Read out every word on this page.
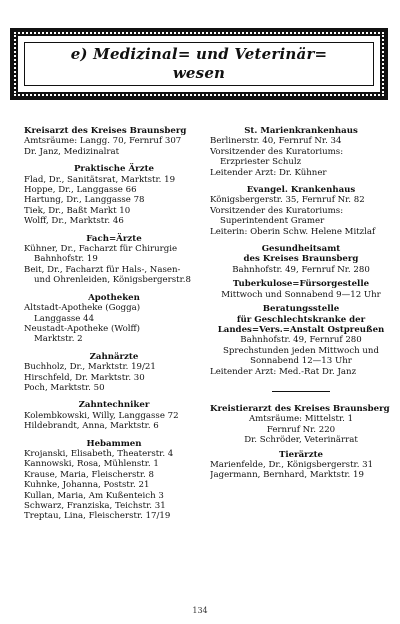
e) Medizinal= und Veterinär=
wesen
Kreisarzt des Kreises Braunsberg
Amtsräume: Langg. 70, Fernruf 307
Dr. Janz, Medizinalrat
Praktische Ärzte
Flad, Dr., Sanitätsrat, Marktstr. 19
Hoppe, Dr., Langgasse 66
Hartung, Dr., Langgasse 78
Tiek, Dr., Baßt Markt 10
Wolff, Dr., Marktstr. 46
Fach=Ärzte
Kühner, Dr., Facharzt für Chirurgie
Bahnhofstr. 19
Beit, Dr., Facharzt für Hals-, Nasen-
und Ohrenleiden, Königsbergerstr.8
Apotheken
Altstadt-Apotheke (Gogga)
Langgasse 44
Neustadt-Apotheke (Wolff)
Marktstr. 2
Zahnärzte
Buchholz, Dr., Marktstr. 19/21
Hirschfeld, Dr. Marktstr. 30
Poch, Marktstr. 50
Zahntechniker
Kolembkowski, Willy, Langgasse 72
Hildebrandt, Anna, Marktstr. 6
Hebammen
Krojanski, Elisabeth, Theaterstr. 4
Kannowski, Rosa, Mühlenstr. 1
Krause, Maria, Fleischerstr. 8
Kuhnke, Johanna, Poststr. 21
Kullan, Maria, Am Kußenteich 3
Schwarz, Franziska, Teichstr. 31
Treptau, Lina, Fleischerstr. 17/19
St. Marienkrankenhaus
Berlinerstr. 40, Fernruf Nr. 34
Vorsitzender des Kuratoriums:
Erzpriester Schulz
Leitender Arzt: Dr. Kühner
Evangel. Krankenhaus
Königsbergerstr. 35, Fernruf Nr. 82
Vorsitzender des Kuratoriums:
Superintendent Gramer
Leiterin: Oberin Schw. Helene Mitzlaf
Gesundheitsamt
des Kreises Braunsberg
Bahnhofstr. 49, Fernruf Nr. 280
Tuberkulose=Fürsorgestelle
Mittwoch und Sonnabend 9—12 Uhr
Beratungsstelle
für Geschlechtskranke der
Landes=Vers.=Anstalt Ostpreußen
Bahnhofstr. 49, Fernruf 280
Sprechstunden jeden Mittwoch und
Sonnabend 12—13 Uhr
Leitender Arzt: Med.-Rat Dr. Janz
Kreistierarzt des Kreises Braunsberg
Amtsräume: Mittelstr. 1
Fernruf Nr. 220
Dr. Schröder, Veterinärrat
Tierärzte
Marienfelde, Dr., Königsbergerstr. 31
Jagermann, Bernhard, Marktstr. 19
134
